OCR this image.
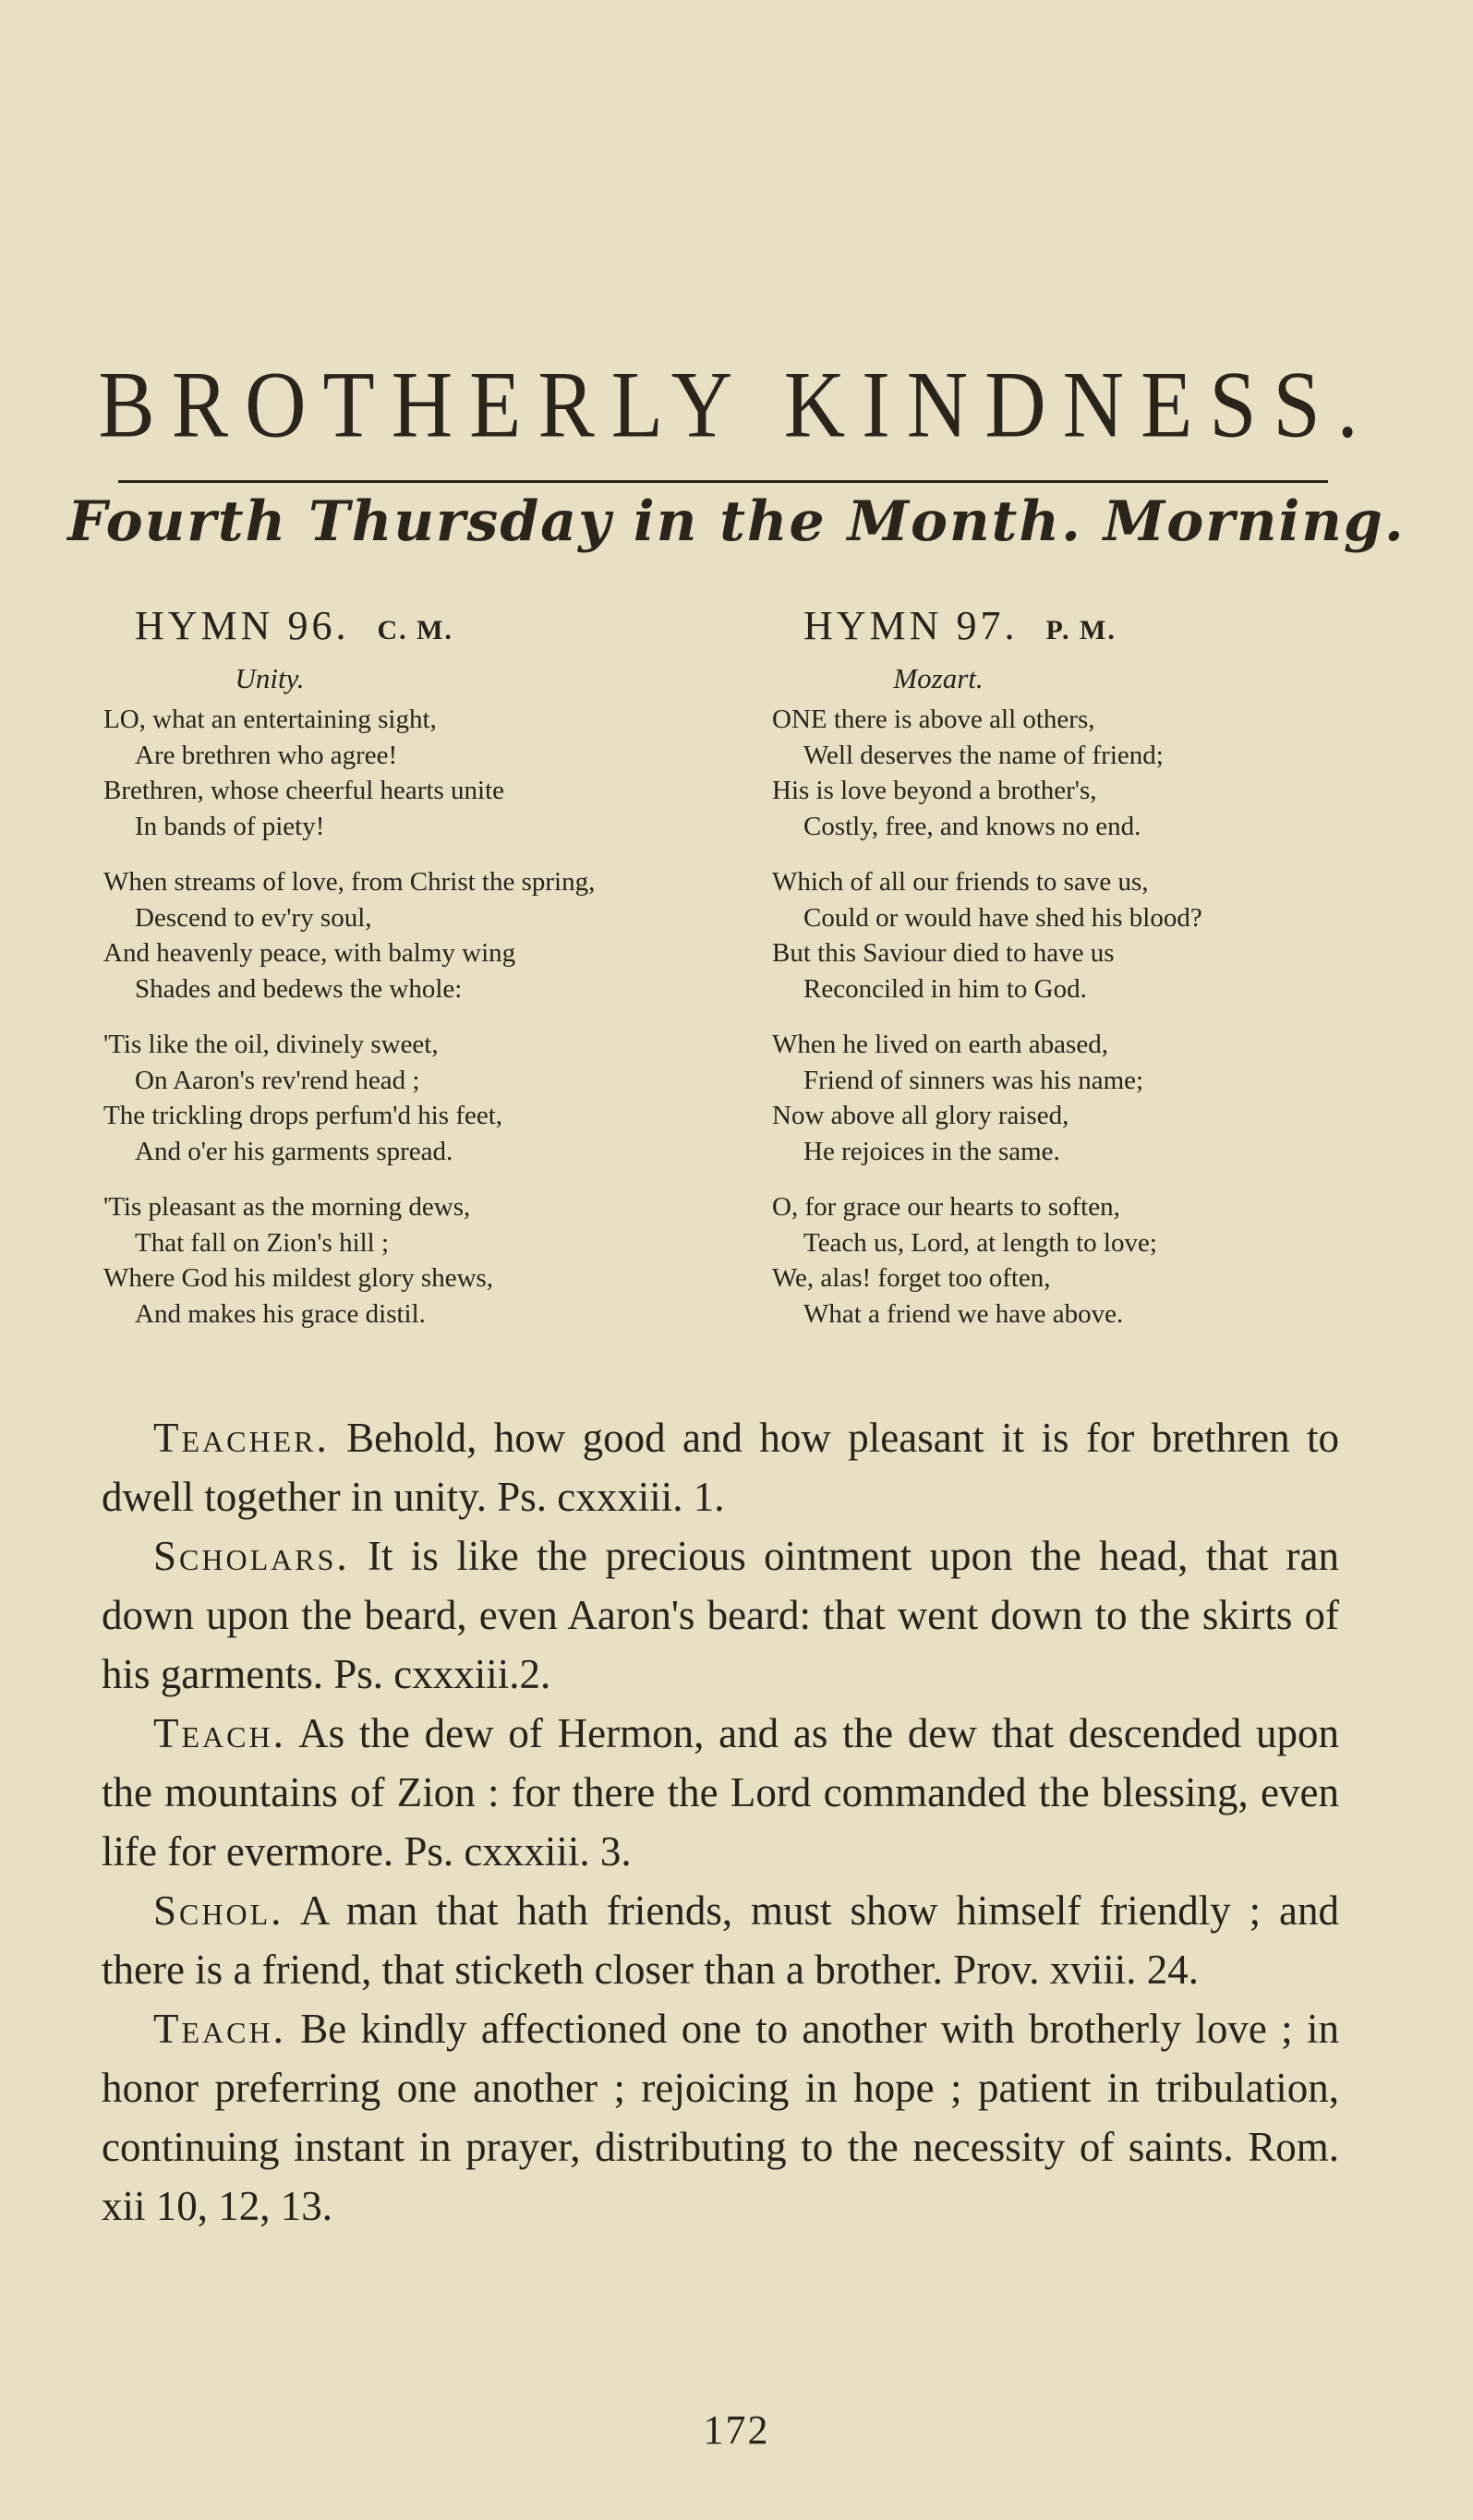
BROTHERLY KINDNESS.
Fourth Thursday in the Month. Morning.
HYMN 96. C. M.
Unity.
LO, what an entertaining sight,
Are brethren who agree!
Brethren, whose cheerful hearts unite
In bands of piety!
When streams of love, from Christ the spring,
Descend to ev'ry soul,
And heavenly peace, with balmy wing
Shades and bedews the whole:
'Tis like the oil, divinely sweet,
On Aaron's rev'rend head ;
The trickling drops perfum'd his feet,
And o'er his garments spread.
'Tis pleasant as the morning dews,
That fall on Zion's hill ;
Where God his mildest glory shews,
And makes his grace distil.
HYMN 97. P. M.
Mozart.
ONE there is above all others,
Well deserves the name of friend;
His is love beyond a brother's,
Costly, free, and knows no end.
Which of all our friends to save us,
Could or would have shed his blood?
But this Saviour died to have us
Reconciled in him to God.
When he lived on earth abased,
Friend of sinners was his name;
Now above all glory raised,
He rejoices in the same.
O, for grace our hearts to soften,
Teach us, Lord, at length to love;
We, alas! forget too often,
What a friend we have above.

Teacher. Behold, how good and how pleasant it is for brethren to dwell together in unity. Ps. cxxxiii. 1.

Scholars. It is like the precious ointment upon the head, that ran down upon the beard, even Aaron's beard: that went down to the skirts of his garments. Ps. cxxxiii.2.

Teach. As the dew of Hermon, and as the dew that descended upon the mountains of Zion : for there the Lord commanded the blessing, even life for evermore. Ps. cxxxiii. 3.

Schol. A man that hath friends, must show himself friendly ; and there is a friend, that sticketh closer than a brother. Prov. xviii. 24.

Teach. Be kindly affectioned one to another with brotherly love ; in honor preferring one another ; rejoicing in hope ; patient in tribulation, continuing instant in prayer, distributing to the necessity of saints. Rom. xii 10, 12, 13.

172
